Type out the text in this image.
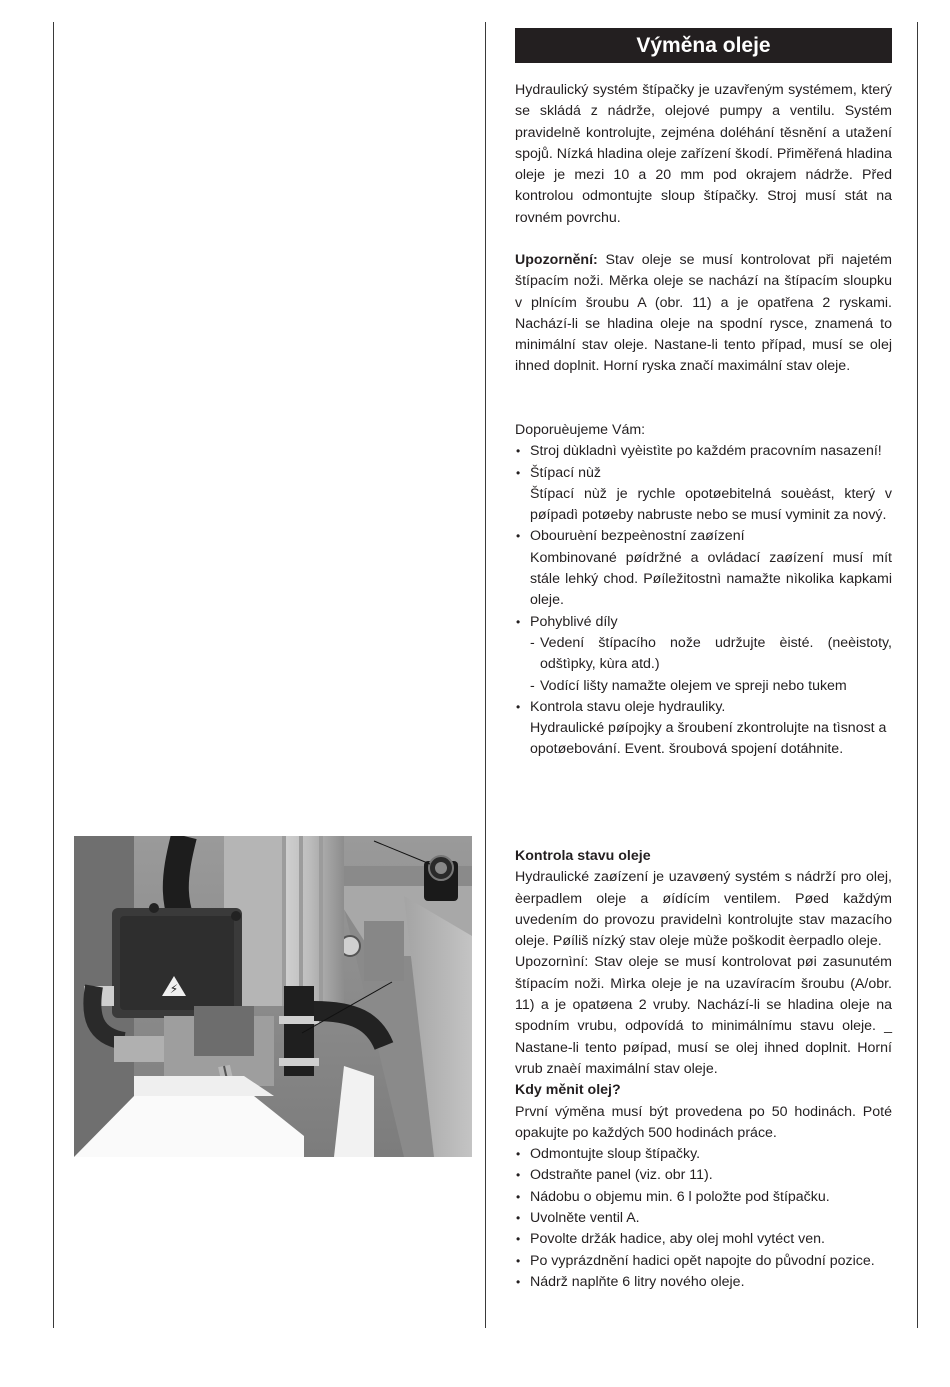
Výměna oleje

Hydraulický systém štípačky je uzavřeným systémem, který se skládá z nádrže, olejové pumpy a ventilu. Systém pravidelně kontrolujte, zejména doléhání těsnění a utažení spojů. Nízká hladina oleje zařízení škodí. Přiměřená hladina oleje je mezi 10 a 20 mm pod okrajem nádrže. Před kontrolou odmontujte sloup štípačky. Stroj musí stát na rovném povrchu.

Upozornění: Stav oleje se musí kontrolovat při najetém štípacím noži. Měrka oleje se nachází na štípacím sloupku v plnícím šroubu A (obr. 11) a je opatřena 2 ryskami. Nachází-li se hladina oleje na spodní rysce, znamená to minimální stav oleje. Nastane-li tento případ, musí se olej ihned doplnit. Horní ryska značí maximální stav oleje.

Doporuèujeme Vám:

• Stroj dùkladnì vyèistìte po každém pracovním nasazení!
• Štípací nùž
Štípací nùž je rychle opotøebitelná souèást, který v pøípadì potøeby nabruste nebo se musí vyminit za nový.
• Obouruèní bezpeènostní zaøízení
Kombinované pøídržné a ovládací zaøízení musí mít stále lehký chod. Pøíležitostnì namažte nìkolika kapkami oleje.
• Pohyblivé díly
- Vedení štípacího nože udržujte èisté. (neèistoty, odštìpky, kùra atd.)
- Vodící lišty namažte olejem ve spreji nebo tukem
• Kontrola stavu oleje hydrauliky.
Hydraulické pøípojky a šroubení zkontrolujte na tìsnost a opotøebování. Event. šroubová spojení dotáhnite.

Kontrola stavu oleje

Hydraulické zaøízení je uzavøený systém s nádrží pro olej, èerpadlem oleje a øídícím ventilem. Pøed každým uvedením do provozu pravidelnì kontrolujte stav mazacího oleje. Pøíliš nízký stav oleje mùže poškodit èerpadlo oleje.

Upozornìní: Stav oleje se musí kontrolovat pøi zasunutém štípacím noži. Mìrka oleje je na uzavíracím šroubu (A/obr. 11) a je opatøena 2 vruby. Nachází-li se hladina oleje na spodním vrubu, odpovídá to minimálnímu stavu oleje. _ Nastane-li tento pøípad, musí se olej ihned doplnit. Horní vrub znaèí maximální stav oleje.

Kdy měnit olej?

První výměna musí být provedena po 50 hodinách. Poté opakujte po každých 500 hodinách práce.

• Odmontujte sloup štípačky.
• Odstraňte panel (viz. obr 11).
• Nádobu o objemu min. 6 l položte pod štípačku.
• Uvolněte ventil A.
• Povolte držák hadice, aby olej mohl vytéct ven.
• Po vyprázdnění hadici opět napojte do původní pozice.
• Nádrž naplňte 6 litry nového oleje.
⚡
